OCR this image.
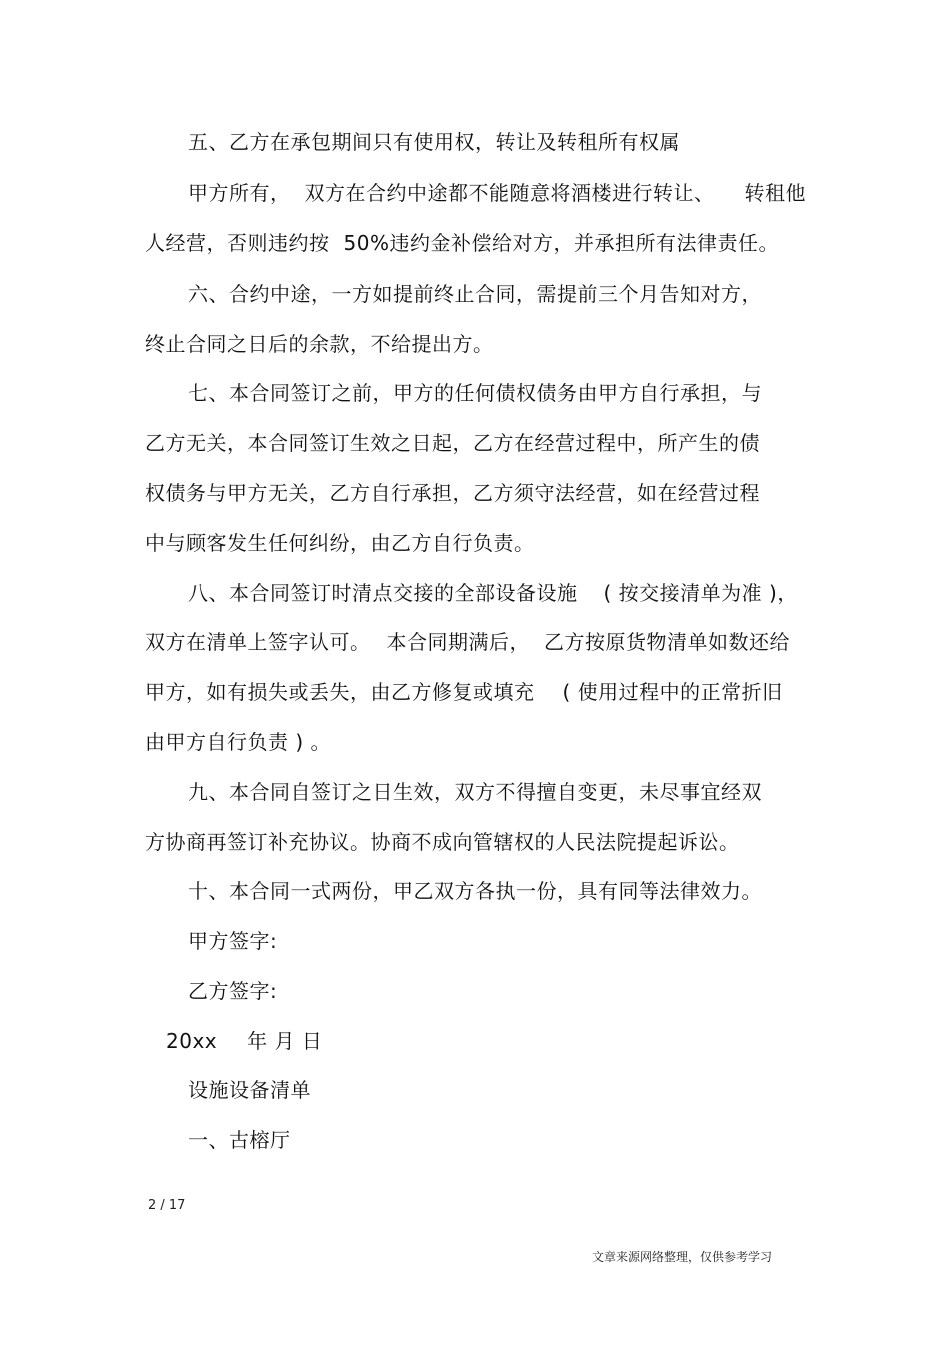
五、乙方在承包期间只有使用权，转让及转租所有权属
甲方所有， 双方在合约中途都不能随意将酒楼进行转让、 转租他
人经营，否则违约按 50%违约金补偿给对方，并承担所有法律责任。
六、合约中途，一方如提前终止合同，需提前三个月告知对方，
终止合同之日后的余款，不给提出方。
七、本合同签订之前，甲方的任何债权债务由甲方自行承担，与
乙方无关，本合同签订生效之日起，乙方在经营过程中，所产生的债
权债务与甲方无关，乙方自行承担，乙方须守法经营，如在经营过程
中与顾客发生任何纠纷，由乙方自行负责。
八、本合同签订时清点交接的全部设备设施 ( 按交接清单为准 )，
双方在清单上签字认可。 本合同期满后， 乙方按原货物清单如数还给
甲方，如有损失或丢失，由乙方修复或填充 ( 使用过程中的正常折旧
由甲方自行负责 ) 。
九、本合同自签订之日生效，双方不得擅自变更，未尽事宜经双
方协商再签订补充协议。协商不成向管辖权的人民法院提起诉讼。
十、本合同一式两份，甲乙双方各执一份，具有同等法律效力。
甲方签字:
乙方签字:
20xx 年 月 日
设施设备清单
一、古榕厅
2 / 17
文章来源网络整理，仅供参考学习
